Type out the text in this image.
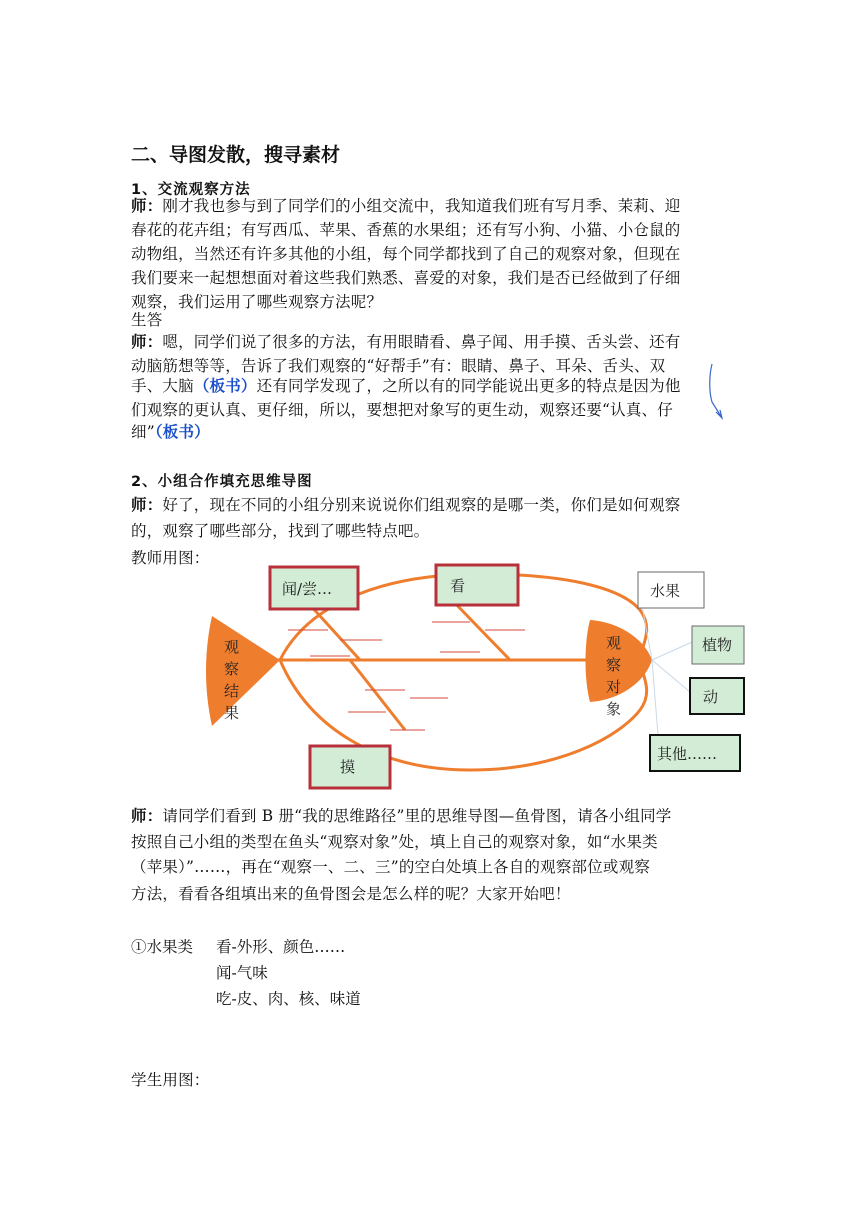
二、导图发散，搜寻素材
1、交流观察方法
师：刚才我也参与到了同学们的小组交流中，我知道我们班有写月季、茉莉、迎
春花的花卉组；有写西瓜、苹果、香蕉的水果组；还有写小狗、小猫、小仓鼠的
动物组，当然还有许多其他的小组，每个同学都找到了自己的观察对象，但现在
我们要来一起想想面对着这些我们熟悉、喜爱的对象，我们是否已经做到了仔细
观察，我们运用了哪些观察方法呢？
生答
师：嗯，同学们说了很多的方法，有用眼睛看、鼻子闻、用手摸、舌头尝、还有
动脑筋想等等，告诉了我们观察的“好帮手”有：眼睛、鼻子、耳朵、舌头、双
手、大脑（板书）还有同学发现了，之所以有的同学能说出更多的特点是因为他
们观察的更认真、更仔细，所以，要想把对象写的更生动，观察还要“认真、仔
细”（板书）
2、小组合作填充思维导图
师：好了，现在不同的小组分别来说说你们组观察的是哪一类，你们是如何观察
的，观察了哪些部分，找到了哪些特点吧。
教师用图：
闻/尝…	看
摸
水果
植物
动
其他……
观
察
结
果
观
察
对
象
师：请同学们看到 B 册“我的思维路径”里的思维导图—鱼骨图，请各小组同学
按照自己小组的类型在鱼头“观察对象”处，填上自己的观察对象，如“水果类
（苹果）”……，再在“观察一、二、三”的空白处填上各自的观察部位或观察
方法，看看各组填出来的鱼骨图会是怎么样的呢？大家开始吧！
①水果类 看-外形、颜色……
闻-气味
吃-皮、肉、核、味道
学生用图：
